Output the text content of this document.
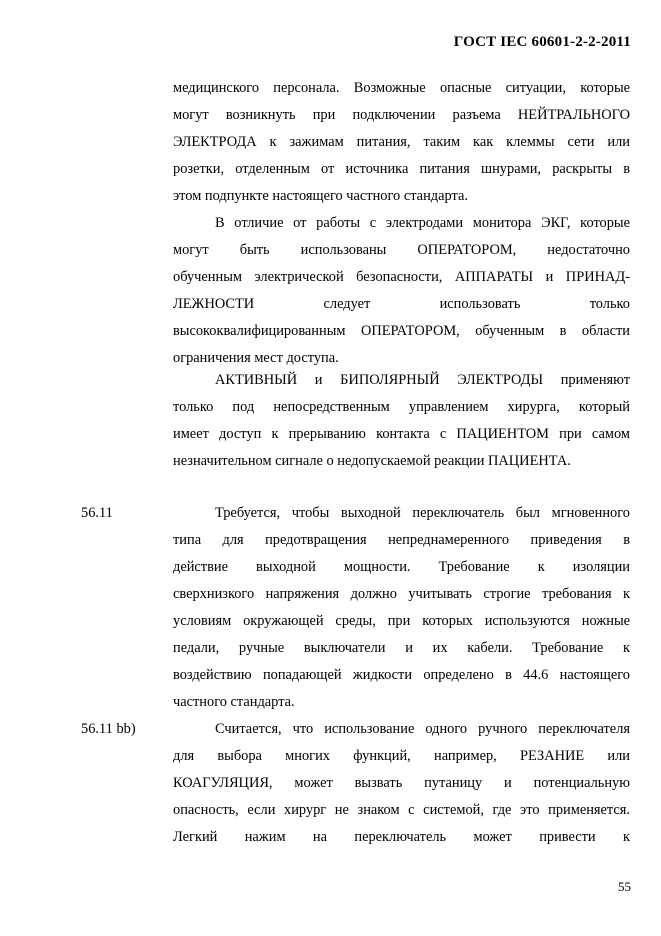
ГОСТ IEC 60601-2-2-2011
медицинского персонала. Возможные опасные ситуации, которые
могут возникнуть при подключении разъема НЕЙТРАЛЬНОГО
ЭЛЕКТРОДА к зажимам питания, таким как клеммы сети или
розетки, отделенным от источника питания шнурами, раскрыты в
этом подпункте настоящего частного стандарта.
В отличие от работы с электродами монитора ЭКГ, которые
могут быть использованы ОПЕРАТОРОМ, недостаточно
обученным электрической безопасности, АППАРАТЫ и ПРИНАД-
ЛЕЖНОСТИ следует использовать только
высококвалифицированным ОПЕРАТОРОМ, обученным в области
ограничения мест доступа.
АКТИВНЫЙ и БИПОЛЯРНЫЙ ЭЛЕКТРОДЫ применяют
только под непосредственным управлением хирурга, который
имеет доступ к прерыванию контакта с ПАЦИЕНТОМ при самом
незначительном сигнале о недопускаемой реакции ПАЦИЕНТА.
56.11	Требуется, чтобы выходной переключатель был мгновенного
типа для предотвращения непреднамеренного приведения в
действие выходной мощности. Требование к изоляции
сверхнизкого напряжения должно учитывать строгие требования к
условиям окружающей среды, при которых используются ножные
педали, ручные выключатели и их кабели. Требование к
воздействию попадающей жидкости определено в 44.6 настоящего
частного стандарта.
56.11 bb)	Считается, что использование одного ручного переключателя
для выбора многих функций, например, РЕЗАНИЕ или
КОАГУЛЯЦИЯ, может вызвать путаницу и потенциальную
опасность, если хирург не знаком с системой, где это применяется.
Легкий нажим на переключатель может привести к
55
